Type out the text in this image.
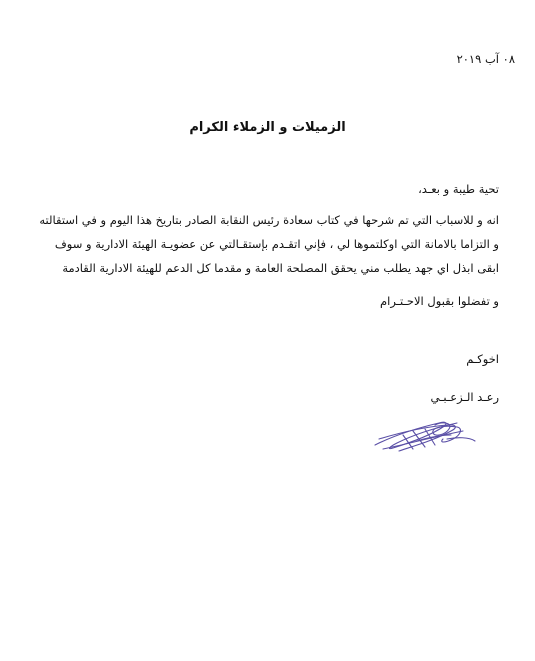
٠٨ آب ٢٠١٩
الزميلات و الزملاء الكرام
تحية طيبة و بعـد،
انه و للاسباب التي تم شرحها في كتاب سعادة رئيس النقابة الصادر بتاريخ هذا اليوم و في استقالته
و التزاما بالامانة التي اوكلتموها لي ، فإني اتقـدم بإستقـالتي عن عضويـة الهيئة الادارية و سوف
ابقى ابذل اي جهد يطلب مني يحقق المصلحة العامة و مقدما كل الدعم للهيئة الادارية القادمة
و تفضلوا بقبول الاحـتـرام
اخوكـم
رعـد الـزعـبـي
